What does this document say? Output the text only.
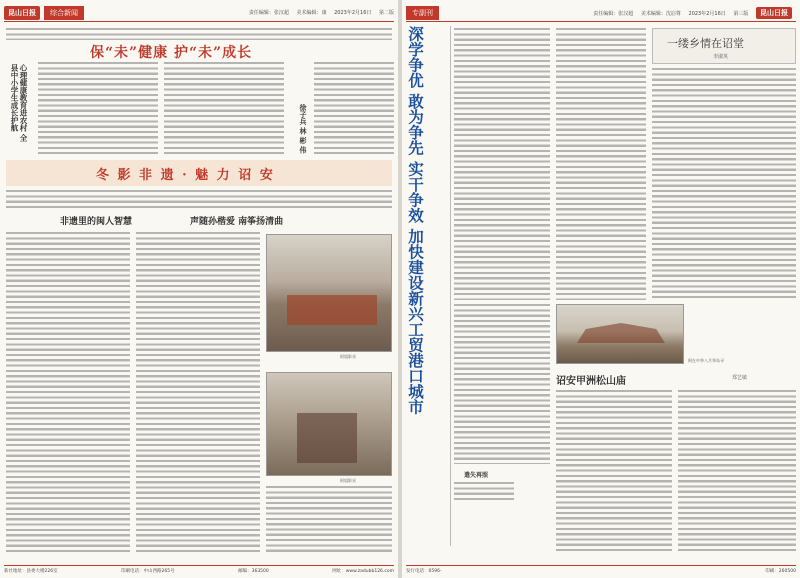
昆山日报	综合新闻	责任编辑：张汉超 美术编辑：康 2023年2月16日 第二版
保“未”健康 护“未”成长
心理健康教育进农村 全县中小学生成长护航	徐子兵 林 彬 伟
冬 影 非 遗 · 魅 力 诏 安
非遗里的闽人智慧	声随孙楷爱 南筝扬清曲
阿姐影采
阿姐影采
新社地址：县委大楼226室	印刷电话：中山西路265号	邮编：363500	网址：www.zadubb126.com
专副刊	责任编辑：张汉超 美术编辑：沈启尊 2023年2月16日 第三版 昆山日报
深学争优 敢为争先 实干争效 加快建设新兴工贸港口城市
遣失再照
一缕乡情在诏堂
李淑英
阿在中华八月华岛寻
诏安甲洲松山庙	郑艺敏
发行电话：0596-	印刷：260500
